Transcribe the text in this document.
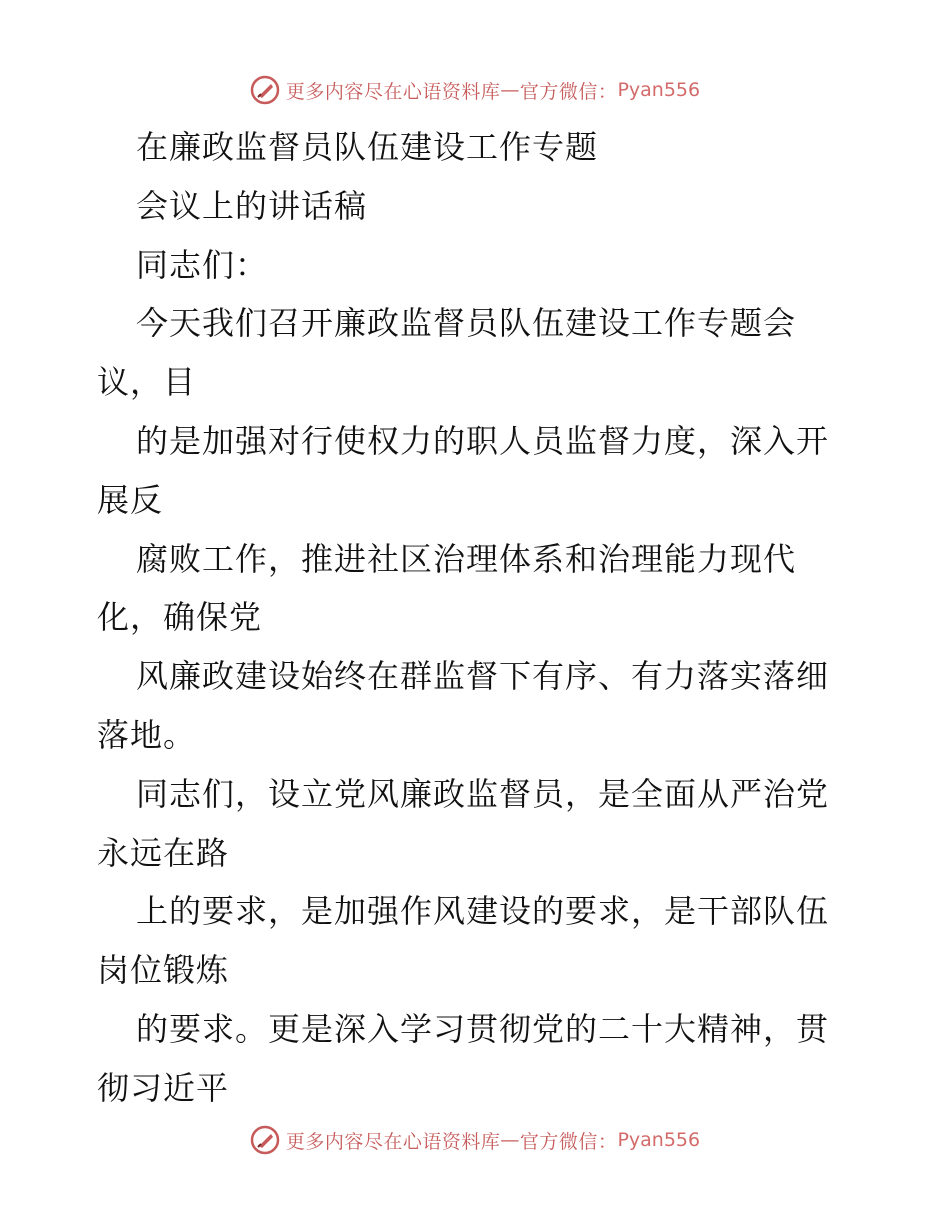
更多内容尽在心语资料库 — 官方微信： Pyan556
在廉政监督员队伍建设工作专题
会议上的讲话稿
同志们：
今天我们召开廉政监督员队伍建设工作专题会
议，目
的是加强对行使权力的职人员监督力度，深入开
展反
腐败工作，推进社区治理体系和治理能力现代
化，确保党
风廉政建设始终在群监督下有序、有力落实落细
落地。
同志们，设立党风廉政监督员，是全面从严治党
永远在路
上的要求，是加强作风建设的要求，是干部队伍
岗位锻炼
的要求。更是深入学习贯彻党的二十大精神，贯
彻习近平
更多内容尽在心语资料库 — 官方微信： Pyan556
